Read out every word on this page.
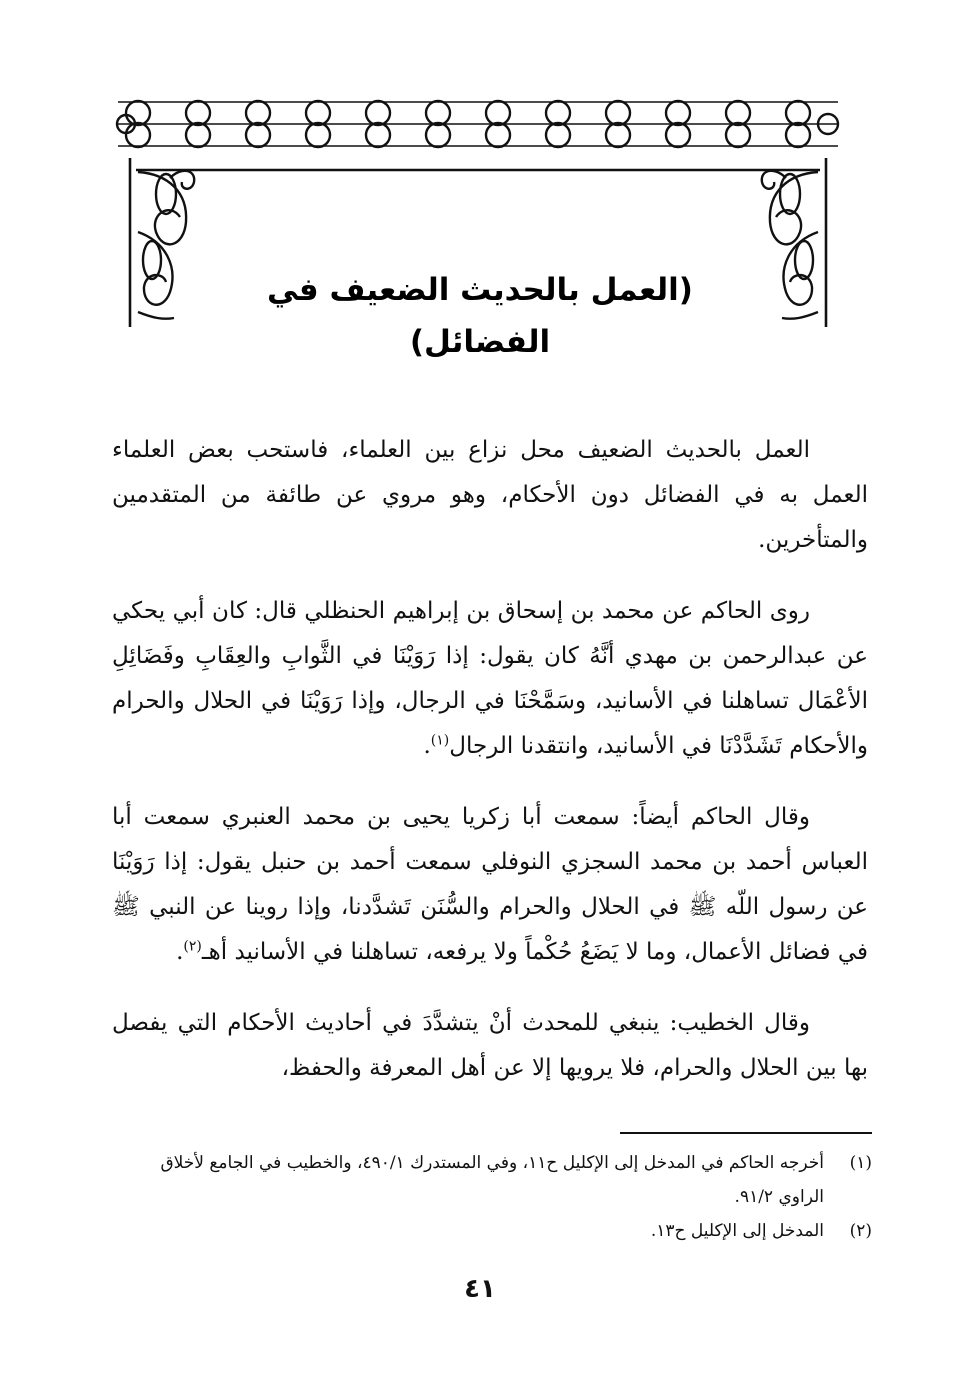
(العمل بالحديث الضعيف في الفضائل)

العمل بالحديث الضعيف محل نزاع بين العلماء، فاستحب بعض العلماء العمل به في الفضائل دون الأحكام، وهو مروي عن طائفة من المتقدمين والمتأخرين.

روى الحاكم عن محمد بن إسحاق بن إبراهيم الحنظلي قال: كان أبي يحكي عن عبدالرحمن بن مهدي أنَّهُ كان يقول: إذا رَوَيْنَا في الثَّوابِ والعِقَابِ وفَضَائِلِ الأعْمَال تساهلنا في الأسانيد، وسَمَّحْنَا في الرجال، وإذا رَوَيْنَا في الحلال والحرام والأحكام تَشَدَّدْنَا في الأسانيد، وانتقدنا الرجال$^{(١)}$.

وقال الحاكم أيضاً: سمعت أبا زكريا يحيى بن محمد العنبري سمعت أبا العباس أحمد بن محمد السجزي النوفلي سمعت أحمد بن حنبل يقول: إذا رَوَيْنَا عن رسول اللّه ﷺ في الحلال والحرام والسُّنَن تَشدَّدنا، وإذا روينا عن النبي ﷺ في فضائل الأعمال، وما لا يَضَعُ حُكْماً ولا يرفعه، تساهلنا في الأسانيد أهـ$^{(٢)}$.

وقال الخطيب: ينبغي للمحدث أنْ يتشدَّدَ في أحاديث الأحكام التي يفصل بها بين الحلال والحرام، فلا يرويها إلا عن أهل المعرفة والحفظ،

(١)
أخرجه الحاكم في المدخل إلى الإكليل ح١١، وفي المستدرك ٤٩٠/١، والخطيب في الجامع لأخلاق الراوي ٩١/٢.
(٢)
المدخل إلى الإكليل ح١٣.
٤١
